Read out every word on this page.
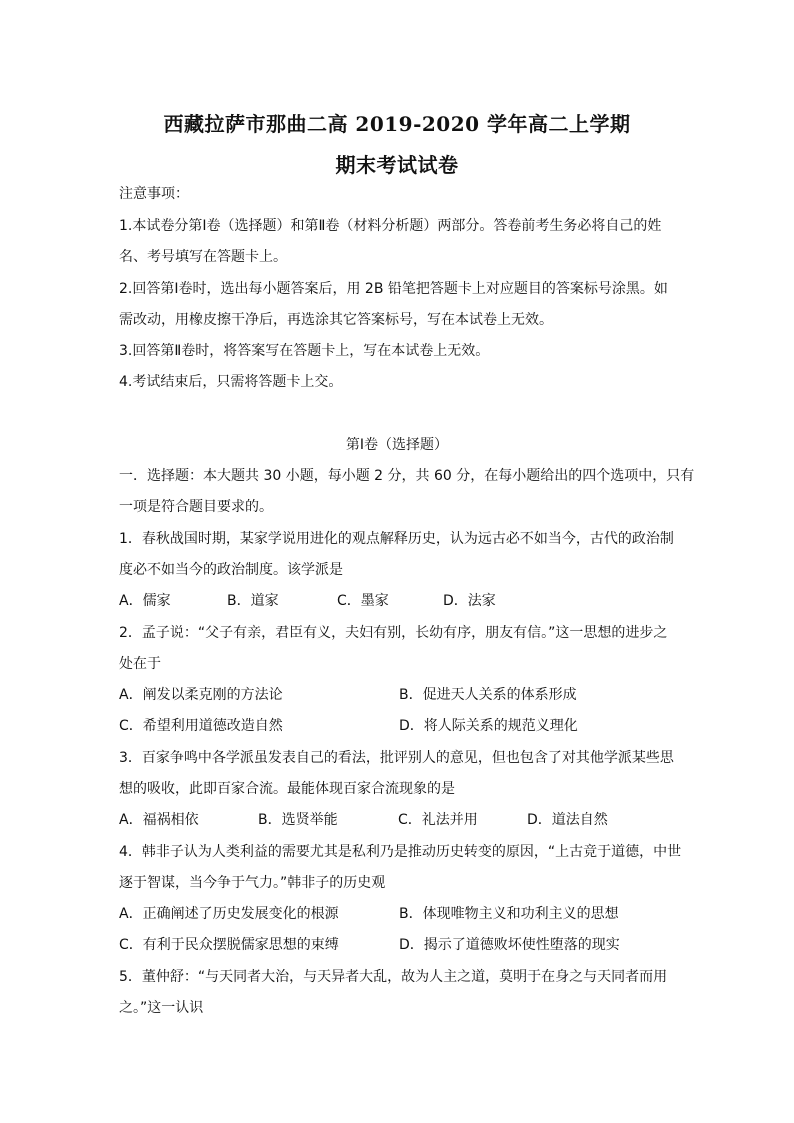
西藏拉萨市那曲二高 2019-2020 学年高二上学期
期末考试试卷
注意事项：
1.本试卷分第Ⅰ卷（选择题）和第Ⅱ卷（材料分析题）两部分。答卷前考生务必将自己的姓
名、考号填写在答题卡上。
2.回答第Ⅰ卷时，选出每小题答案后，用 2B 铅笔把答题卡上对应题目的答案标号涂黑。如
需改动，用橡皮擦干净后，再选涂其它答案标号，写在本试卷上无效。
3.回答第Ⅱ卷时，将答案写在答题卡上，写在本试卷上无效。
4.考试结束后，只需将答题卡上交。
第Ⅰ卷（选择题）
一．选择题：本大题共 30 小题，每小题 2 分，共 60 分，在每小题给出的四个选项中，只有
一项是符合题目要求的。
1．春秋战国时期，某家学说用进化的观点解释历史，认为远古必不如当今，古代的政治制
度必不如当今的政治制度。该学派是
A．儒家	B．道家	C．墨家	D．法家
2．孟子说：“父子有亲，君臣有义，夫妇有别，长幼有序，朋友有信。”这一思想的进步之
处在于
A．阐发以柔克刚的方法论	B．促进天人关系的体系形成
C．希望利用道德改造自然	D．将人际关系的规范义理化
3．百家争鸣中各学派虽发表自己的看法，批评别人的意见，但也包含了对其他学派某些思
想的吸收，此即百家合流。最能体现百家合流现象的是
A．福祸相依	B．选贤举能	C．礼法并用	D．道法自然
4．韩非子认为人类利益的需要尤其是私利乃是推动历史转变的原因，“上古竞于道德，中世
逐于智谋，当今争于气力。”韩非子的历史观
A．正确阐述了历史发展变化的根源	B．体现唯物主义和功利主义的思想
C．有利于民众摆脱儒家思想的束缚	D．揭示了道德败坏使性堕落的现实
5．董仲舒：“与天同者大治，与天异者大乱，故为人主之道，莫明于在身之与天同者而用
之。”这一认识
